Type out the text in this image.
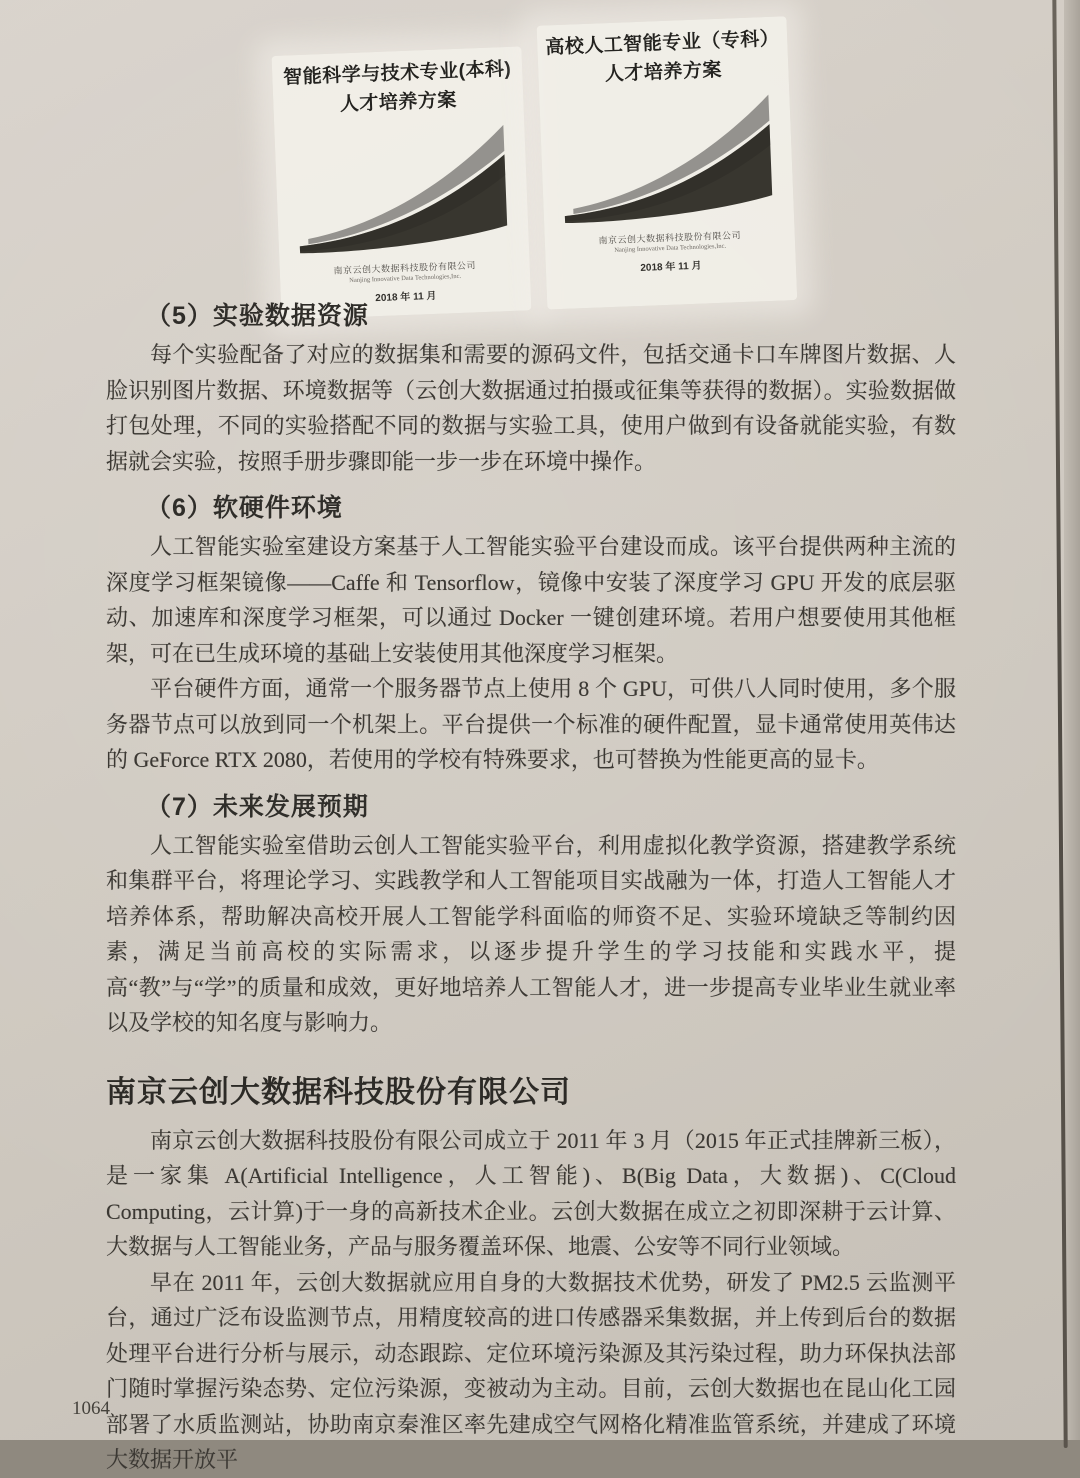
智能科学与技术专业(本科)
人才培养方案
南京云创大数据科技股份有限公司
Nanjing Innovative Data Technologies,Inc.
2018 年 11 月
高校人工智能专业（专科）
人才培养方案
南京云创大数据科技股份有限公司
Nanjing Innovative Data Technologies,Inc.
2018 年 11 月
（5）实验数据资源
每个实验配备了对应的数据集和需要的源码文件，包括交通卡口车牌图片数据、人脸识别图片数据、环境数据等（云创大数据通过拍摄或征集等获得的数据）。实验数据做打包处理，不同的实验搭配不同的数据与实验工具，使用户做到有设备就能实验，有数据就会实验，按照手册步骤即能一步一步在环境中操作。
（6）软硬件环境
人工智能实验室建设方案基于人工智能实验平台建设而成。该平台提供两种主流的深度学习框架镜像——Caffe 和 Tensorflow，镜像中安装了深度学习 GPU 开发的底层驱动、加速库和深度学习框架，可以通过 Docker 一键创建环境。若用户想要使用其他框架，可在已生成环境的基础上安装使用其他深度学习框架。
平台硬件方面，通常一个服务器节点上使用 8 个 GPU，可供八人同时使用，多个服务器节点可以放到同一个机架上。平台提供一个标准的硬件配置，显卡通常使用英伟达的 GeForce RTX 2080，若使用的学校有特殊要求，也可替换为性能更高的显卡。
（7）未来发展预期
人工智能实验室借助云创人工智能实验平台，利用虚拟化教学资源，搭建教学系统和集群平台，将理论学习、实践教学和人工智能项目实战融为一体，打造人工智能人才培养体系，帮助解决高校开展人工智能学科面临的师资不足、实验环境缺乏等制约因素，满足当前高校的实际需求，以逐步提升学生的学习技能和实践水平，提高“教”与“学”的质量和成效，更好地培养人工智能人才，进一步提高专业毕业生就业率以及学校的知名度与影响力。
南京云创大数据科技股份有限公司
南京云创大数据科技股份有限公司成立于 2011 年 3 月（2015 年正式挂牌新三板），是一家集 A(Artificial Intelligence，人工智能)、B(Big Data，大数据)、C(Cloud Computing，云计算)于一身的高新技术企业。云创大数据在成立之初即深耕于云计算、大数据与人工智能业务，产品与服务覆盖环保、地震、公安等不同行业领域。
早在 2011 年，云创大数据就应用自身的大数据技术优势，研发了 PM2.5 云监测平台，通过广泛布设监测节点，用精度较高的进口传感器采集数据，并上传到后台的数据处理平台进行分析与展示，动态跟踪、定位环境污染源及其污染过程，助力环保执法部门随时掌握污染态势、定位污染源，变被动为主动。目前，云创大数据也在昆山化工园部署了水质监测站，协助南京秦淮区率先建成空气网格化精准监管系统，并建成了环境大数据开放平
1064
